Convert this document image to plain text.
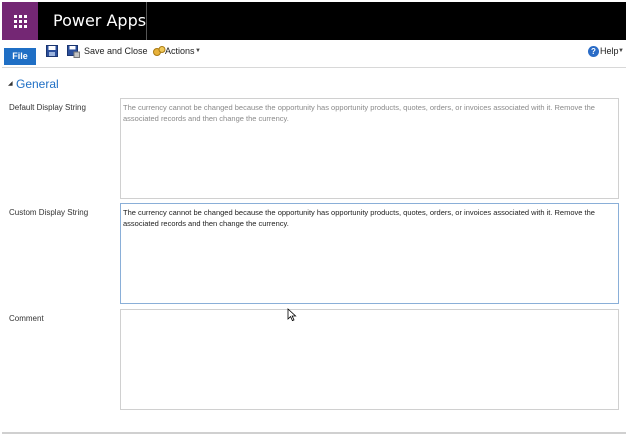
Power Apps
File	Save and Close Actions ▼	? Help ▼
◢ General
Default Display String	The currency cannot be changed because the opportunity has opportunity products, quotes, orders, or invoices associated with it. Remove the associated records and then change the currency.
Custom Display String	The currency cannot be changed because the opportunity has opportunity products, quotes, orders, or invoices associated with it. Remove the associated records and then change the currency.
Comment
